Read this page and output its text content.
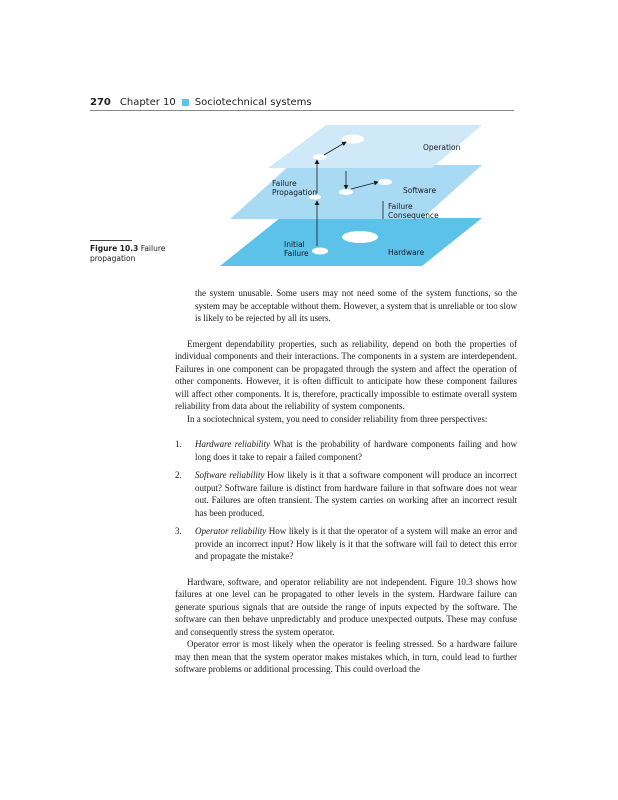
270 Chapter 10 Sociotechnical systems
Operation
Software
Hardware
Failure
Propagation
Failure
Consequence
Initial
Failure
Figure 10.3 Failure propagation

the system unusable. Some users may not need some of the system functions, so the system may be acceptable without them. However, a system that is unreliable or too slow is likely to be rejected by all its users.

Emergent dependability properties, such as reliability, depend on both the properties of individual components and their interactions. The components in a system are interdependent. Failures in one component can be propagated through the system and affect the operation of other components. However, it is often difficult to anticipate how these component failures will affect other components. It is, therefore, practically impossible to estimate overall system reliability from data about the reliability of system components.

In a sociotechnical system, you need to consider reliability from three perspectives:

1.	Hardware reliability What is the probability of hardware components failing and how long does it take to repair a failed component?
2.	Software reliability How likely is it that a software component will produce an incorrect output? Software failure is distinct from hardware failure in that software does not wear out. Failures are often transient. The system carries on working after an incorrect result has been produced.
3.	Operator reliability How likely is it that the operator of a system will make an error and provide an incorrect input? How likely is it that the software will fail to detect this error and propagate the mistake?

Hardware, software, and operator reliability are not independent. Figure 10.3 shows how failures at one level can be propagated to other levels in the system. Hardware failure can generate spurious signals that are outside the range of inputs expected by the software. The software can then behave unpredictably and produce unexpected outputs. These may confuse and consequently stress the system operator.

Operator error is most likely when the operator is feeling stressed. So a hardware failure may then mean that the system operator makes mistakes which, in turn, could lead to further software problems or additional processing. This could overload the
